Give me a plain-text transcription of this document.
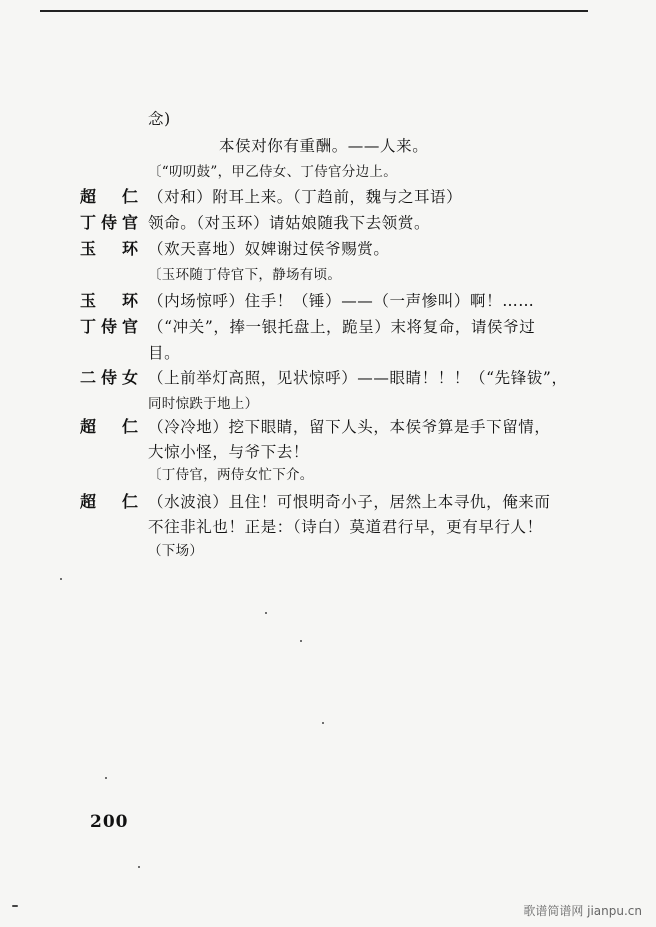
念)
本侯对你有重酬。——人来。
〔“叨叨鼓”，甲乙侍女、丁侍官分边上。
超 仁 （对和）附耳上来。（丁趋前，魏与之耳语）
丁 侍 官 领命。（对玉环）请姑娘随我下去领赏。
玉 环 （欢天喜地）奴婢谢过侯爷赐赏。
〔玉环随丁侍官下，静场有顷。
玉 环 （内场惊呼）住手！（锤）——（一声惨叫）啊！……
丁 侍 官 （“冲关”，捧一银托盘上，跪呈）末将复命，请侯爷过
目。
二 侍 女 （上前举灯高照，见状惊呼）——眼睛！！！（“先锋钹”，
同时惊跌于地上）
超 仁 （冷冷地）挖下眼睛，留下人头，本侯爷算是手下留情，
大惊小怪，与爷下去！
〔丁侍官，两侍女忙下介。
超 仁 （水波浪）且住！可恨明奇小子，居然上本寻仇，俺来而
不往非礼也！正是：（诗白）莫道君行早，更有早行人！
（下场）
200
歌谱简谱网 jianpu.cn
